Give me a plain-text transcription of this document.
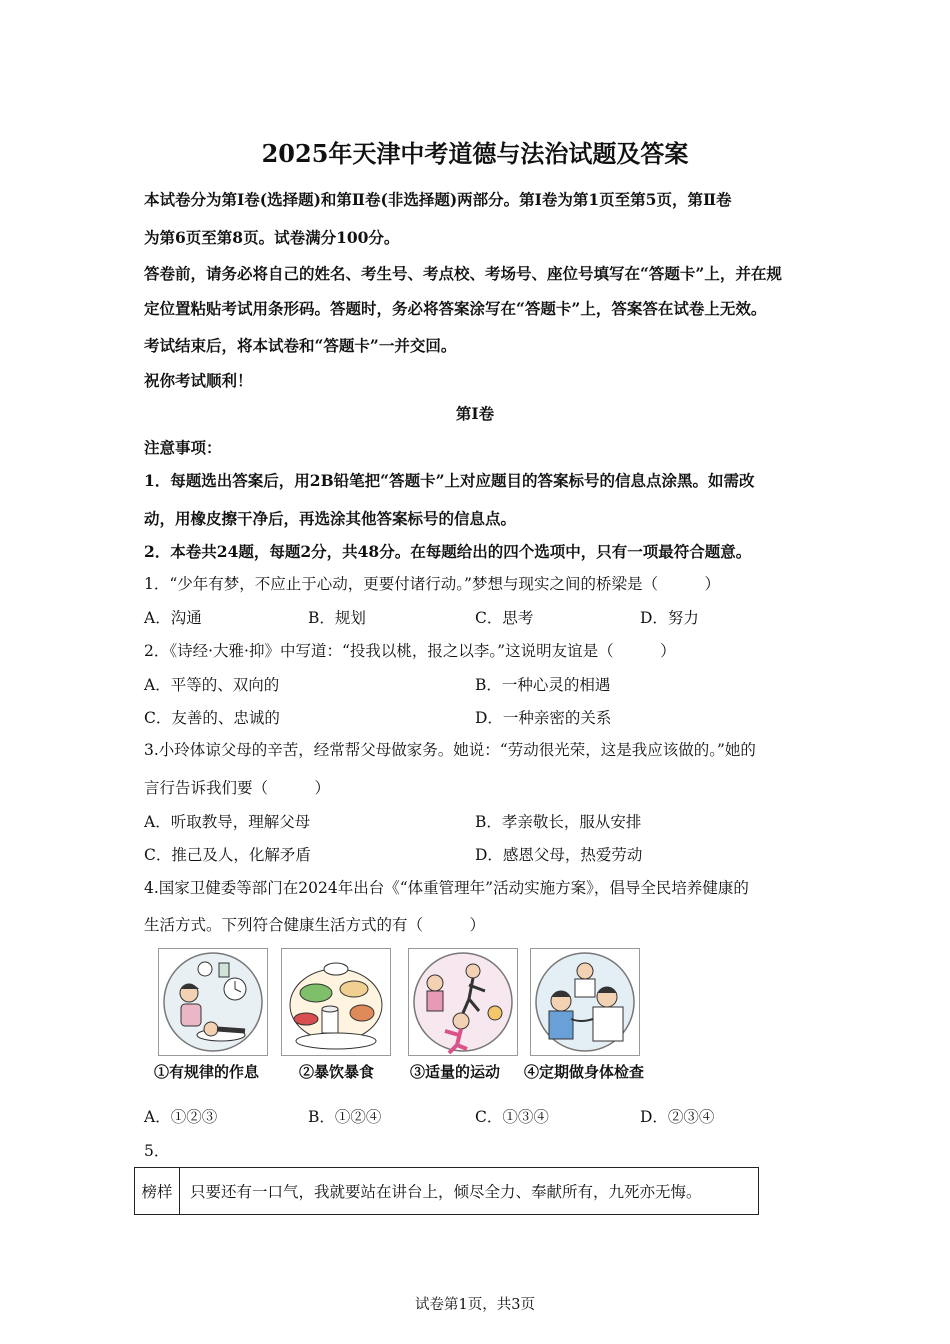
2025年天津中考道德与法治试题及答案
本试卷分为第Ⅰ卷(选择题)和第Ⅱ卷(非选择题)两部分。第Ⅰ卷为第1页至第5页，第Ⅱ卷
为第6页至第8页。试卷满分100分。
答卷前，请务必将自己的姓名、考生号、考点校、考场号、座位号填写在“答题卡”上，并在规
定位置粘贴考试用条形码。答题时，务必将答案涂写在“答题卡”上，答案答在试卷上无效。
考试结束后，将本试卷和“答题卡”一并交回。
祝你考试顺利！
第Ⅰ卷
注意事项：
1．每题选出答案后，用2B铅笔把“答题卡”上对应题目的答案标号的信息点涂黑。如需改
动，用橡皮擦干净后，再选涂其他答案标号的信息点。
2．本卷共24题，每题2分，共48分。在每题给出的四个选项中，只有一项最符合题意。
1．“少年有梦，不应止于心动，更要付诸行动。”梦想与现实之间的桥梁是（　　　）
A．沟通	B．规划	C．思考	D．努力
2．《诗经·大雅·抑》中写道：“投我以桃，报之以李。”这说明友谊是（　　　）
A．平等的、双向的	B．一种心灵的相遇
C．友善的、忠诚的	D．一种亲密的关系
3.小玲体谅父母的辛苦，经常帮父母做家务。她说：“劳动很光荣，这是我应该做的。”她的
言行告诉我们要（　　　）
A．听取教导，理解父母	B．孝亲敬长，服从安排
C．推己及人，化解矛盾	D．感恩父母，热爱劳动
4.国家卫健委等部门在2024年出台《“体重管理年”活动实施方案》，倡导全民培养健康的
生活方式。下列符合健康生活方式的有（　　　）
①有规律的作息	②暴饮暴食 ③适量的运动 ④定期做身体检查
A．①②③	B．①②④	C．①③④	D．②③④
5．
榜样	只要还有一口气，我就要站在讲台上，倾尽全力、奉献所有，九死亦无悔。
试卷第1页，共3页
